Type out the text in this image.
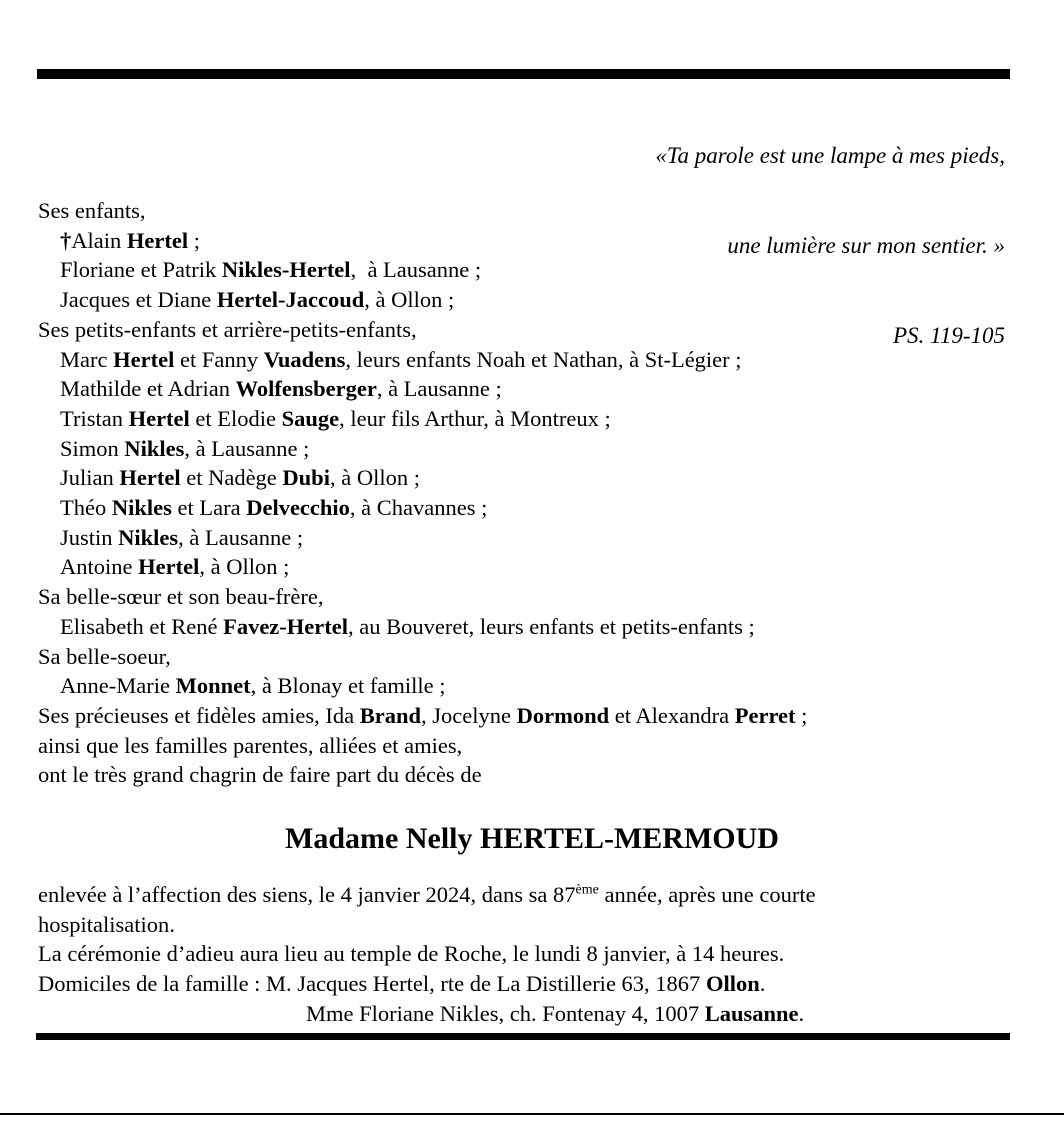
«Ta parole est une lampe à mes pieds,

une lumière sur mon sentier. »

PS. 119-105

Ses enfants,
†Alain Hertel ;
Floriane et Patrik Nikles-Hertel,  à Lausanne ;
Jacques et Diane Hertel-Jaccoud, à Ollon ;
Ses petits-enfants et arrière-petits-enfants,
Marc Hertel et Fanny Vuadens, leurs enfants Noah et Nathan, à St-Légier ;
Mathilde et Adrian Wolfensberger, à Lausanne ;
Tristan Hertel et Elodie Sauge, leur fils Arthur, à Montreux ;
Simon Nikles, à Lausanne ;
Julian Hertel et Nadège Dubi, à Ollon ;
Théo Nikles et Lara Delvecchio, à Chavannes ;
Justin Nikles, à Lausanne ;
Antoine Hertel, à Ollon ;
Sa belle-sœur et son beau-frère,
Elisabeth et René Favez-Hertel, au Bouveret, leurs enfants et petits-enfants ;
Sa belle-soeur,
Anne-Marie Monnet, à Blonay et famille ;
Ses précieuses et fidèles amies, Ida Brand, Jocelyne Dormond et Alexandra Perret ;
ainsi que les familles parentes, alliées et amies,
ont le très grand chagrin de faire part du décès de
Madame Nelly HERTEL-MERMOUD
enlevée à l’affection des siens, le 4 janvier 2024, dans sa 87ème année, après une courte
hospitalisation.
La cérémonie d’adieu aura lieu au temple de Roche, le lundi 8 janvier, à 14 heures.
Domiciles de la famille : M. Jacques Hertel, rte de La Distillerie 63, 1867 Ollon.
Mme Floriane Nikles, ch. Fontenay 4, 1007 Lausanne.
